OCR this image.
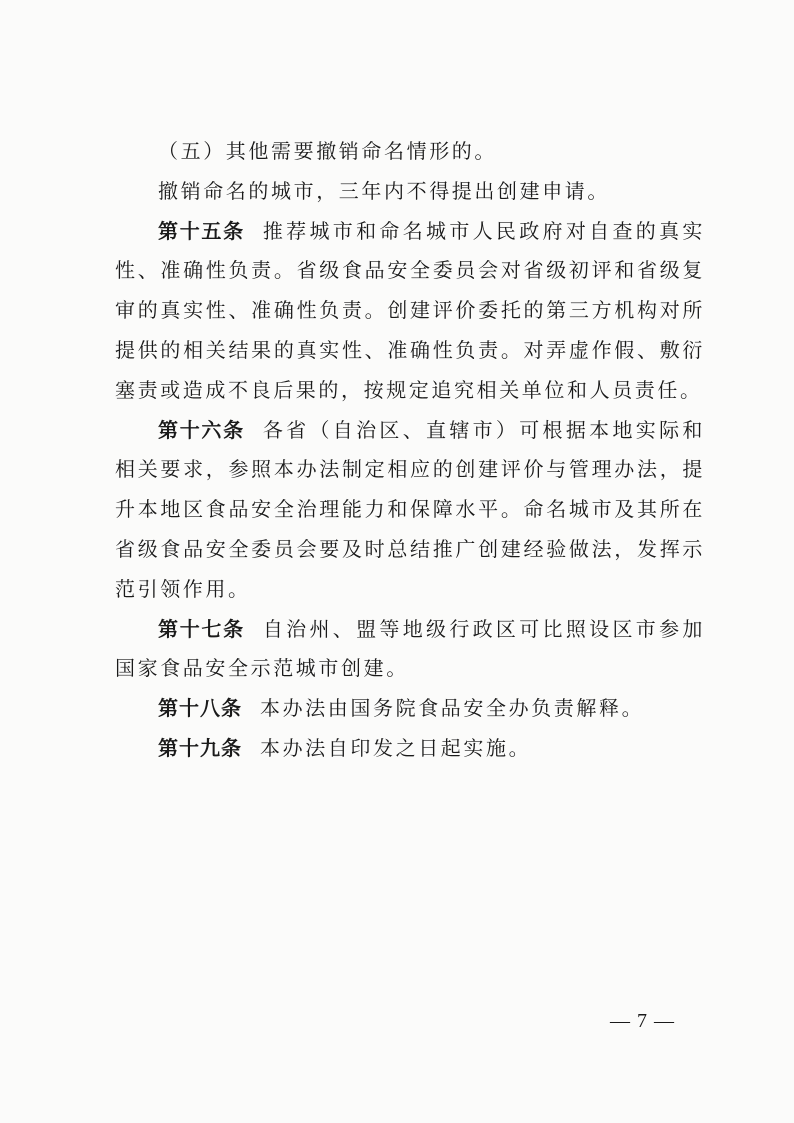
（五）其他需要撤销命名情形的。

撤销命名的城市，三年内不得提出创建申请。

第十五条 推荐城市和命名城市人民政府对自查的真实性、准确性负责。省级食品安全委员会对省级初评和省级复审的真实性、准确性负责。创建评价委托的第三方机构对所提供的相关结果的真实性、准确性负责。对弄虚作假、敷衍塞责或造成不良后果的，按规定追究相关单位和人员责任。

第十六条 各省（自治区、直辖市）可根据本地实际和相关要求，参照本办法制定相应的创建评价与管理办法，提升本地区食品安全治理能力和保障水平。命名城市及其所在省级食品安全委员会要及时总结推广创建经验做法，发挥示范引领作用。

第十七条 自治州、盟等地级行政区可比照设区市参加国家食品安全示范城市创建。

第十八条 本办法由国务院食品安全办负责解释。

第十九条 本办法自印发之日起实施。

— 7 —
